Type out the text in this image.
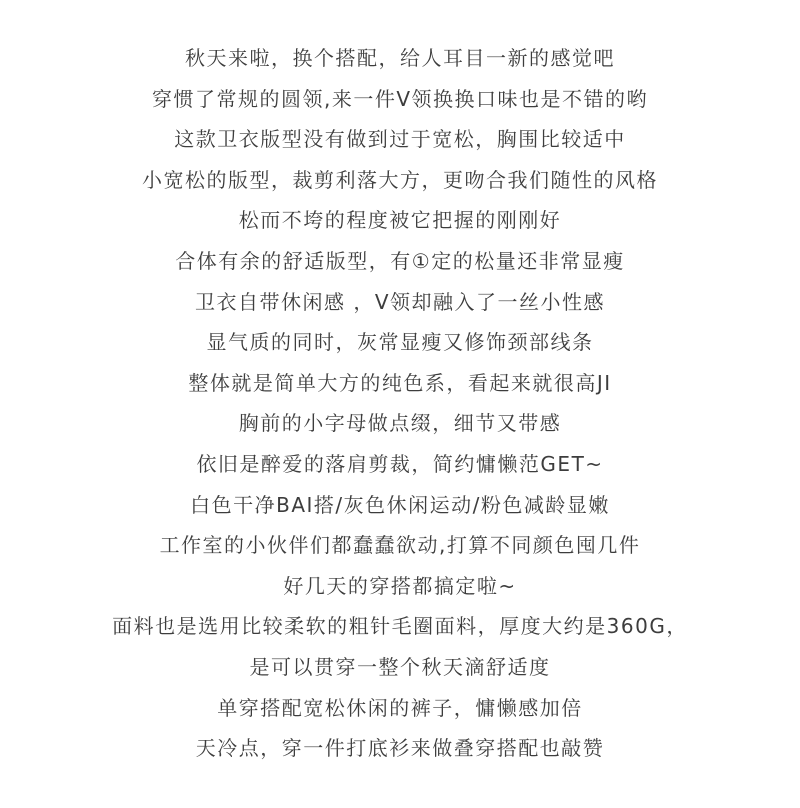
秋天来啦，换个搭配，给人耳目一新的感觉吧
穿惯了常规的圆领,来一件V领换换口味也是不错的哟
这款卫衣版型没有做到过于宽松，胸围比较适中
小宽松的版型，裁剪利落大方，更吻合我们随性的风格
松而不垮的程度被它把握的刚刚好
合体有余的舒适版型，有①定的松量还非常显瘦
卫衣自带休闲感 ，V领却融入了一丝小性感
显气质的同时，灰常显瘦又修饰颈部线条
整体就是简单大方的纯色系，看起来就很高JI
胸前的小字母做点缀，细节又带感
依旧是醉爱的落肩剪裁，简约慵懒范GET~
白色干净BAI搭/灰色休闲运动/粉色减龄显嫩
工作室的小伙伴们都蠢蠢欲动,打算不同颜色囤几件
好几天的穿搭都搞定啦~
面料也是选用比较柔软的粗针毛圈面料，厚度大约是360G，
是可以贯穿一整个秋天滴舒适度
单穿搭配宽松休闲的裤子，慵懒感加倍
天冷点，穿一件打底衫来做叠穿搭配也敲赞
